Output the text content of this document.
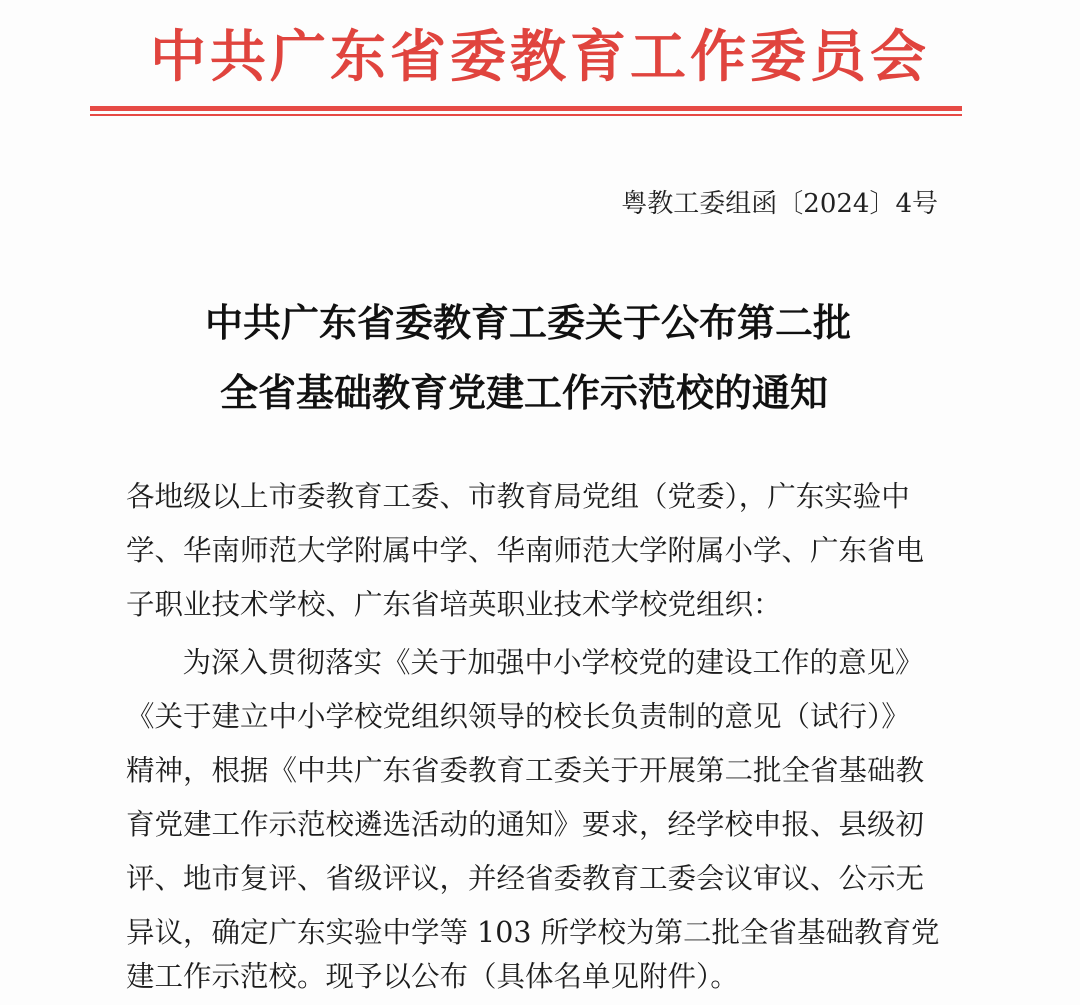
中共广东省委教育工作委员会
粤教工委组函〔2024〕4号
中共广东省委教育工委关于公布第二批
全省基础教育党建工作示范校的通知
各地级以上市委教育工委、市教育局党组（党委），广东实验中
学、华南师范大学附属中学、华南师范大学附属小学、广东省电
子职业技术学校、广东省培英职业技术学校党组织：
　为深入贯彻落实《关于加强中小学校党的建设工作的意见》
《关于建立中小学校党组织领导的校长负责制的意见（试行）》
精神，根据《中共广东省委教育工委关于开展第二批全省基础教
育党建工作示范校遴选活动的通知》要求，经学校申报、县级初
评、地市复评、省级评议，并经省委教育工委会议审议、公示无
异议，确定广东实验中学等 103 所学校为第二批全省基础教育党
建工作示范校。现予以公布（具体名单见附件）。
